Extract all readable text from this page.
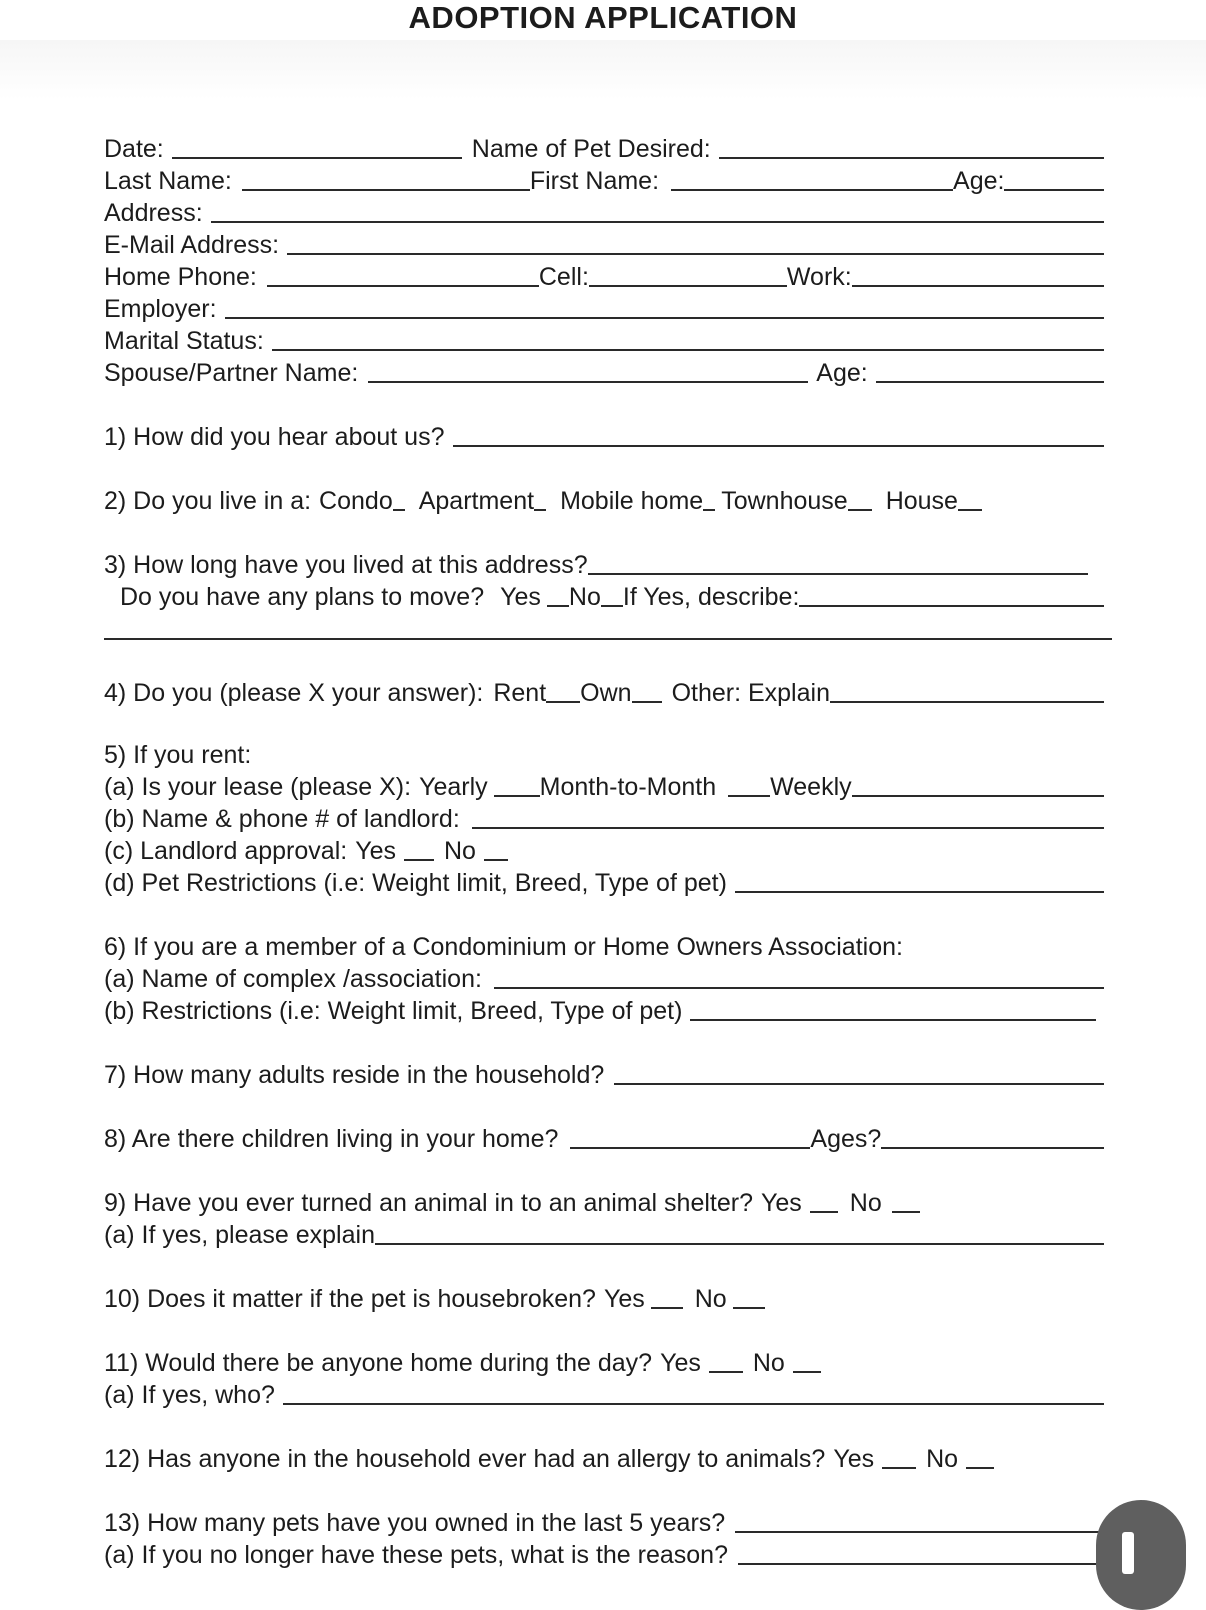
ADOPTION APPLICATION
Date:	Name of Pet Desired:
Last Name:	First Name:	Age:
Address:
E-Mail Address:
Home Phone:	Cell:	Work:
Employer:
Marital Status:
Spouse/Partner Name:	Age:
1) How did you hear about us?
2) Do you live in a: Condo Apartment Mobile home Townhouse House
3) How long have you lived at this address?
Do you have any plans to move? Yes No If Yes, describe:
4) Do you (please X your answer): Rent Own Other: Explain
5) If you rent:
(a) Is your lease (please X): Yearly Month-to-Month Weekly
(b) Name & phone # of landlord:
(c) Landlord approval: Yes No
(d) Pet Restrictions (i.e: Weight limit, Breed, Type of pet)
6) If you are a member of a Condominium or Home Owners Association:
(a) Name of complex /association:
(b) Restrictions (i.e: Weight limit, Breed, Type of pet)
7) How many adults reside in the household?
8) Are there children living in your home?	Ages?
9) Have you ever turned an animal in to an animal shelter? Yes No
(a) If yes, please explain
10) Does it matter if the pet is housebroken? Yes No
11) Would there be anyone home during the day? Yes No
(a) If yes, who?
12) Has anyone in the household ever had an allergy to animals? Yes No
13) How many pets have you owned in the last 5 years?
(a) If you no longer have these pets, what is the reason?
